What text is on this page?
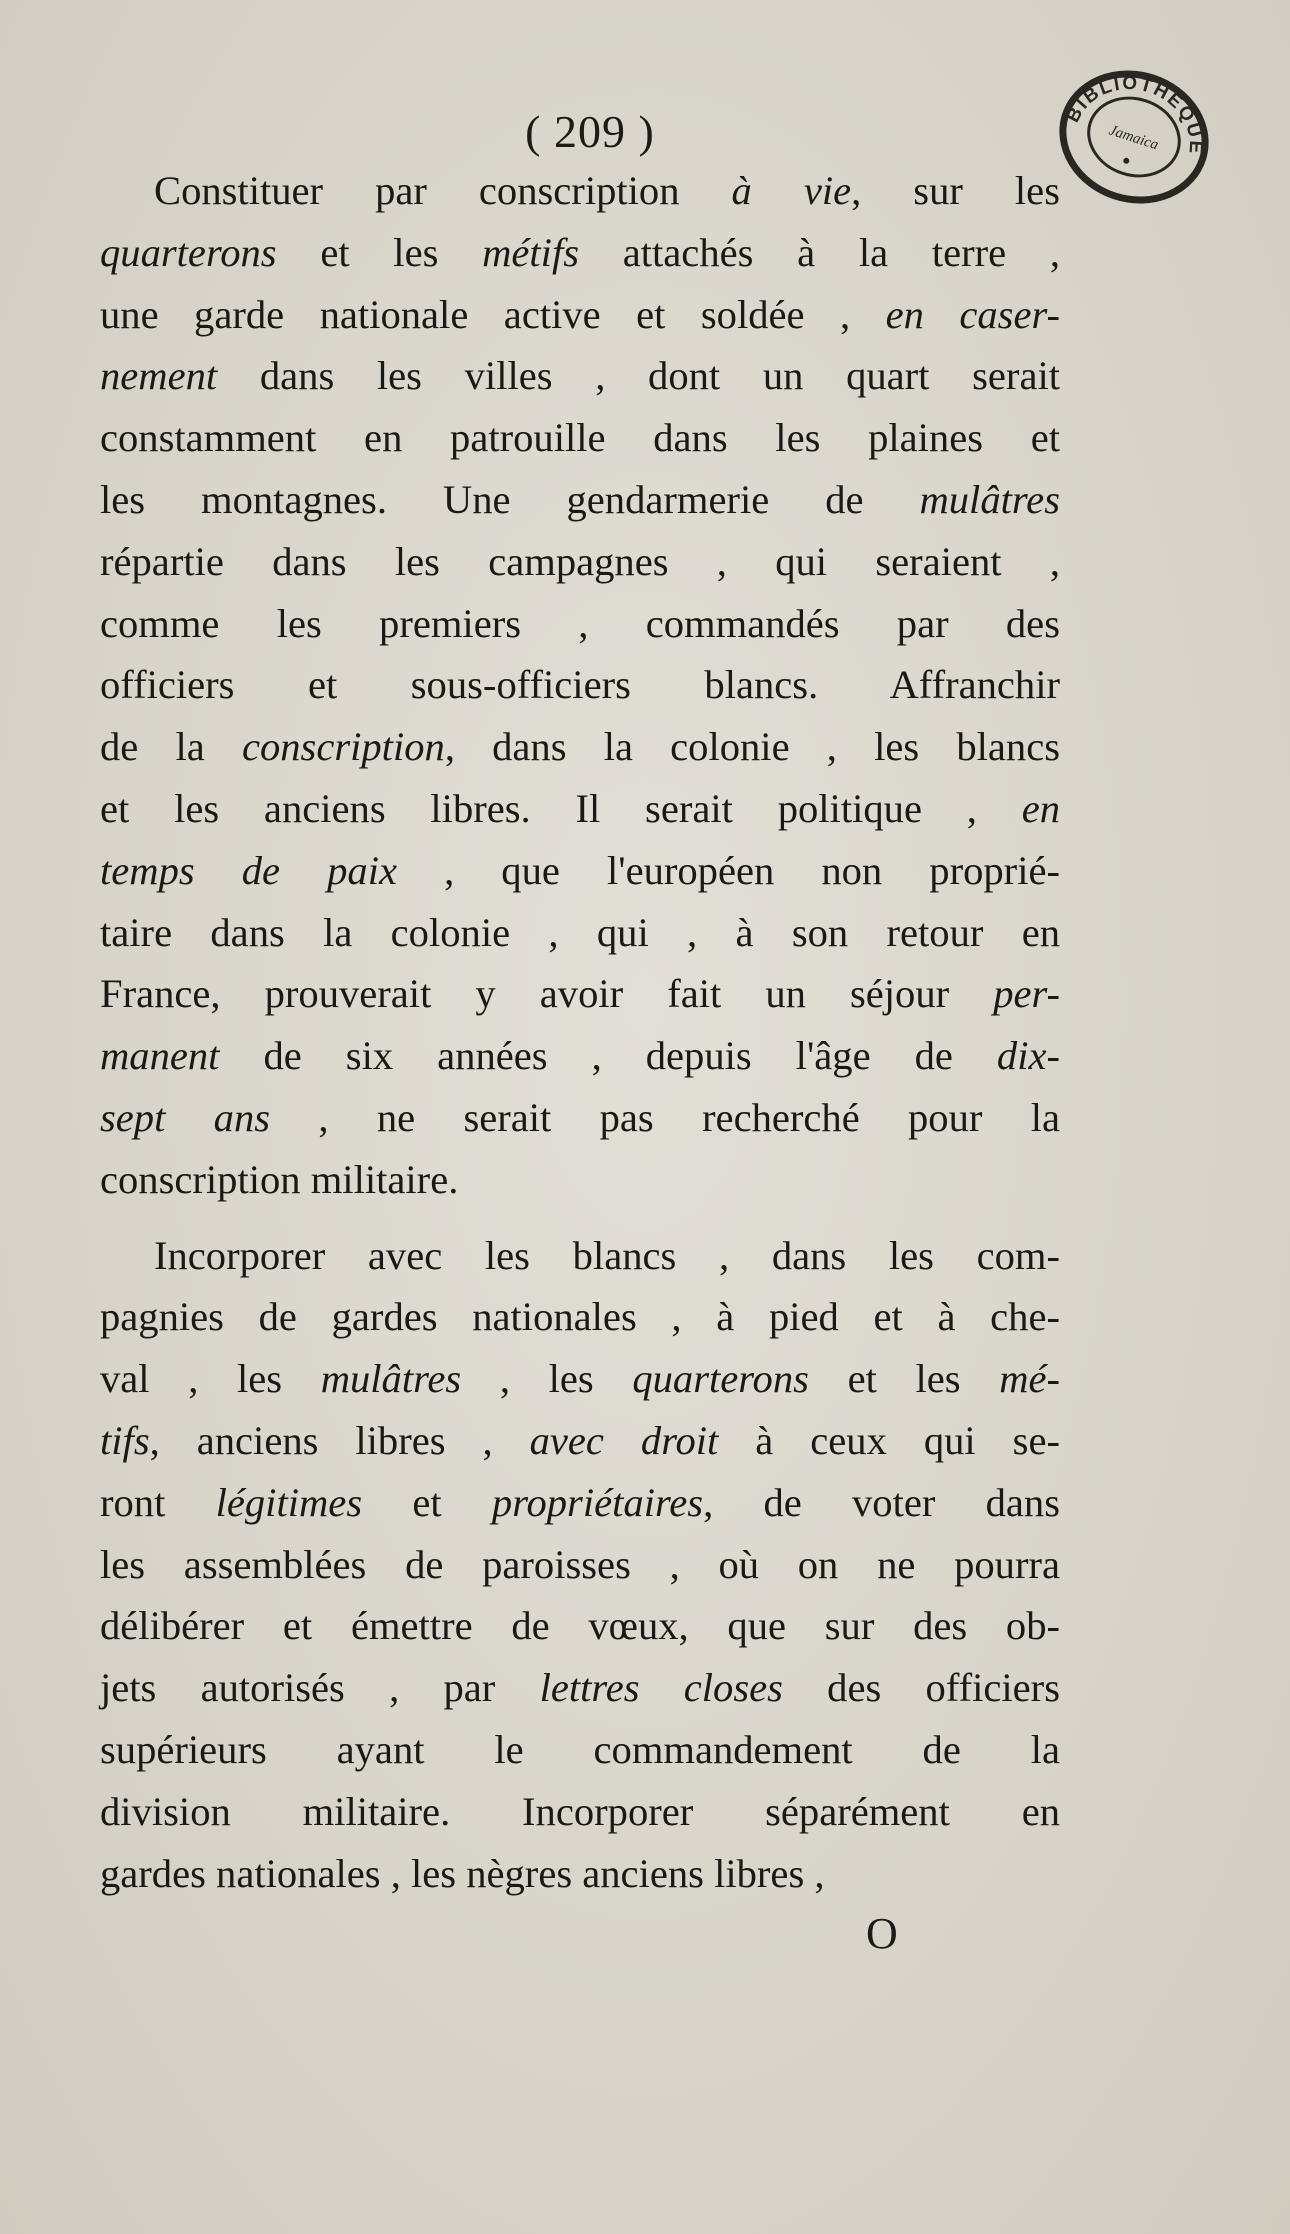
( 209 )	BIBLIOTHEQUE
Jamaica
Constituer par conscription à vie, sur les
quarterons et les métifs attachés à la terre ,
une garde nationale active et soldée , en caser-
nement dans les villes , dont un quart serait
constamment en patrouille dans les plaines et
les montagnes. Une gendarmerie de mulâtres
répartie dans les campagnes , qui seraient ,
comme les premiers , commandés par des
officiers et sous-officiers blancs. Affranchir
de la conscription, dans la colonie , les blancs
et les anciens libres. Il serait politique , en
temps de paix , que l'européen non proprié-
taire dans la colonie , qui , à son retour en
France, prouverait y avoir fait un séjour per-
manent de six années , depuis l'âge de dix-
sept ans , ne serait pas recherché pour la
conscription militaire.
Incorporer avec les blancs , dans les com-
pagnies de gardes nationales , à pied et à che-
val , les mulâtres , les quarterons et les mé-
tifs, anciens libres , avec droit à ceux qui se-
ront légitimes et propriétaires, de voter dans
les assemblées de paroisses , où on ne pourra
délibérer et émettre de vœux, que sur des ob-
jets autorisés , par lettres closes des officiers
supérieurs ayant le commandement de la
division militaire. Incorporer séparément en
gardes nationales , les nègres anciens libres ,
O
